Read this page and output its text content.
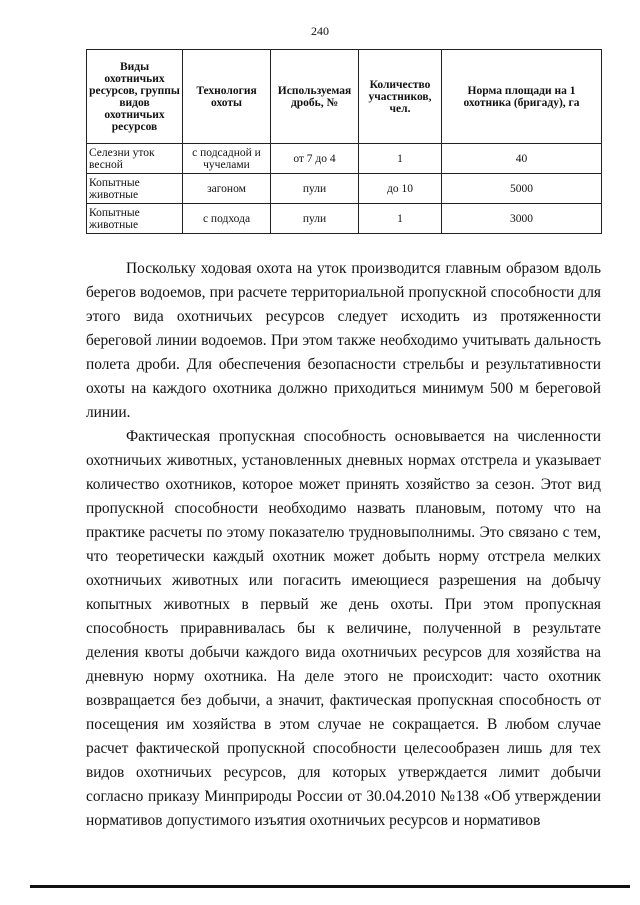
240
Виды охотничьих ресурсов, группы видов охотничьих ресурсов	Технология охоты	Используемая дробь, №	Количество участников, чел.	Норма площади на 1 охотника (бригаду), га
Селезни уток весной	с подсадной и чучелами	от 7 до 4	1	40
Копытные животные	загоном	пули	до 10	5000
Копытные животные	с подхода	пули	1	3000

Поскольку ходовая охота на уток производится главным образом вдоль берегов водоемов, при расчете территориальной пропускной способности для этого вида охотничьих ресурсов следует исходить из протяженности береговой линии водоемов. При этом также необходимо учитывать дальность полета дроби. Для обеспечения безопасности стрельбы и результативности охоты на каждого охотника должно приходиться минимум 500 м береговой линии.

Фактическая пропускная способность основывается на численности охотничьих животных, установленных дневных нормах отстрела и указывает количество охотников, которое может принять хозяйство за сезон. Этот вид пропускной способности необходимо назвать плановым, потому что на практике расчеты по этому показателю трудновыполнимы. Это связано с тем, что теоретически каждый охотник может добыть норму отстрела мелких охотничьих животных или погасить имеющиеся разрешения на добычу копытных животных в первый же день охоты. При этом пропускная способность приравнивалась бы к величине, полученной в результате деления квоты добычи каждого вида охотничьих ресурсов для хозяйства на дневную норму охотника. На деле этого не происходит: часто охотник возвращается без добычи, а значит, фактическая пропускная способность от посещения им хозяйства в этом случае не сокращается. В любом случае расчет фактической пропускной способности целесообразен лишь для тех видов охотничьих ресурсов, для которых утверждается лимит добычи согласно приказу Минприроды России от 30.04.2010 №138 «Об утверждении нормативов допустимого изъятия охотничьих ресурсов и нормативов
